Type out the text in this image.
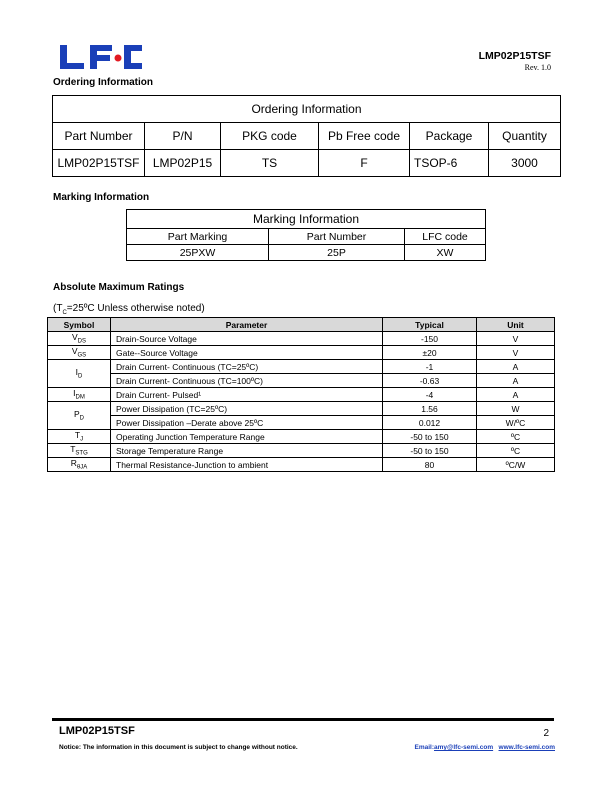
LMP02P15TSF
Rev. 1.0
Ordering Information
Ordering Information					
Part Number	P/N	PKG code	Pb Free code	Package	Quantity
LMP02P15TSF	LMP02P15	TS	F	TSOP-6	3000
Marking Information
Marking Information		
Part Marking	Part Number	LFC code
25PXW	25P	XW
Absolute Maximum Ratings
($T_C=25ºC$ Unless otherwise noted)
Symbol	Parameter	Typical	Unit
$V_{DS}$	Drain-Source Voltage	-150	V
$V_{GS}$	Gate--Source Voltage	±20	V
$I_D$	Drain Current- Continuous (TC=25ºC)	-1	A
	Drain Current- Continuous (TC=100ºC)	-0.63	A
$I_{DM}$	Drain Current- Pulsed¹	-4	A
$P_D$	Power Dissipation (TC=25ºC)	1.56	W
	Power Dissipation –Derate above 25ºC	0.012	W/ºC
$T_J$	Operating Junction Temperature Range	-50 to 150	ºC
$T_{STG}$	Storage Temperature Range	-50 to 150	ºC
$R_{\theta JA}$	Thermal Resistance-Junction to ambient	80	ºC/W
LMP02P15TSF	2
Notice: The information in this document is subject to change without notice.	Email:amy@lfc-semi.com www.lfc-semi.com
